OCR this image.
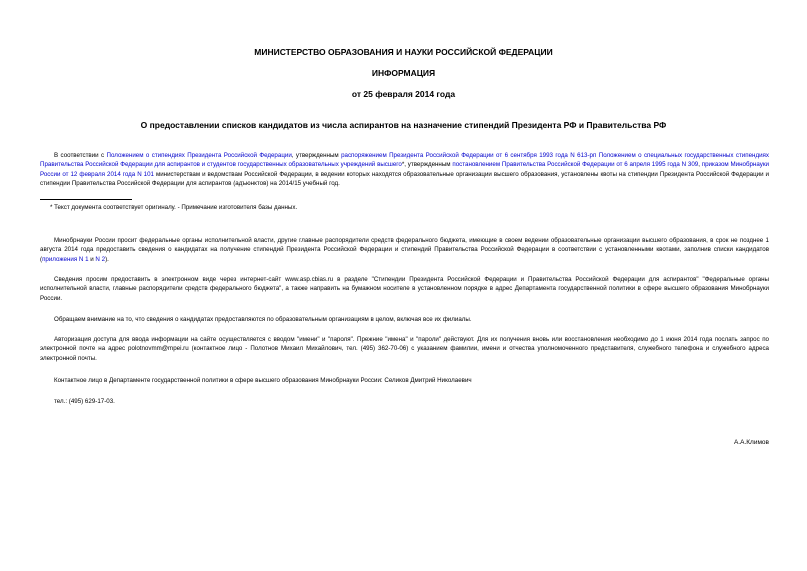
МИНИСТЕРСТВО ОБРАЗОВАНИЯ И НАУКИ РОССИЙСКОЙ ФЕДЕРАЦИИ
ИНФОРМАЦИЯ
от 25 февраля 2014 года
О предоставлении списков кандидатов из числа аспирантов на назначение стипендий Президента РФ и Правительства РФ
В соответствии с Положением о стипендиях Президента Российской Федерации, утвержденным распоряжением Президента Российской Федерации от 6 сентября 1993 года N 613-рп Положением о специальных государственных стипендиях Правительства Российской Федерации для аспирантов и студентов государственных образовательных учреждений высшего*, утвержденным постановлением Правительства Российской Федерации от 6 апреля 1995 года N 309, приказом Минобрнауки России от 12 февраля 2014 года N 101 министерствам и ведомствам Российской Федерации, в ведении которых находятся образовательные организации высшего образования, установлены квоты на стипендии Президента Российской Федерации и стипендии Правительства Российской Федерации для аспирантов (адъюнктов) на 2014/15 учебный год.
* Текст документа соответствует оригиналу. - Примечание изготовителя базы данных.
Минобрнауки России просит федеральные органы исполнительной власти, другие главные распорядители средств федерального бюджета, имеющие в своем ведении образовательные организации высшего образования, в срок не позднее 1 августа 2014 года предоставить сведения о кандидатах на получение стипендий Президента Российской Федерации и стипендий Правительства Российской Федерации в соответствии с установленными квотами, заполнив списки кандидатов (приложения N 1 и N 2).
Сведения просим предоставить в электронном виде через интернет-сайт www.asp.cbias.ru в разделе "Стипендии Президента Российской Федерации и Правительства Российской Федерации для аспирантов" "Федеральные органы исполнительной власти, главные распорядители средств федерального бюджета", а также направить на бумажном носителе в установленном порядке в адрес Департамента государственной политики в сфере высшего образования Минобрнауки России.
Обращаем внимание на то, что сведения о кандидатах предоставляются по образовательным организациям в целом, включая все их филиалы.
Авторизация доступа для ввода информации на сайте осуществляется с вводом "имени" и "пароля". Прежние "имена" и "пароли" действуют. Для их получения вновь или восстановления необходимо до 1 июня 2014 года послать запрос по электронной почте на адрес polotnovmm@mpei.ru (контактное лицо - Полотнов Михаил Михайлович, тел. (495) 362-70-06) с указанием фамилии, имени и отчества уполномоченного представителя, служебного телефона и служебного адреса электронной почты.
Контактное лицо в Департаменте государственной политики в сфере высшего образования Минобрнауки России: Селиков Дмитрий Николаевич
тел.: (495) 629-17-03.
А.А.Климов
